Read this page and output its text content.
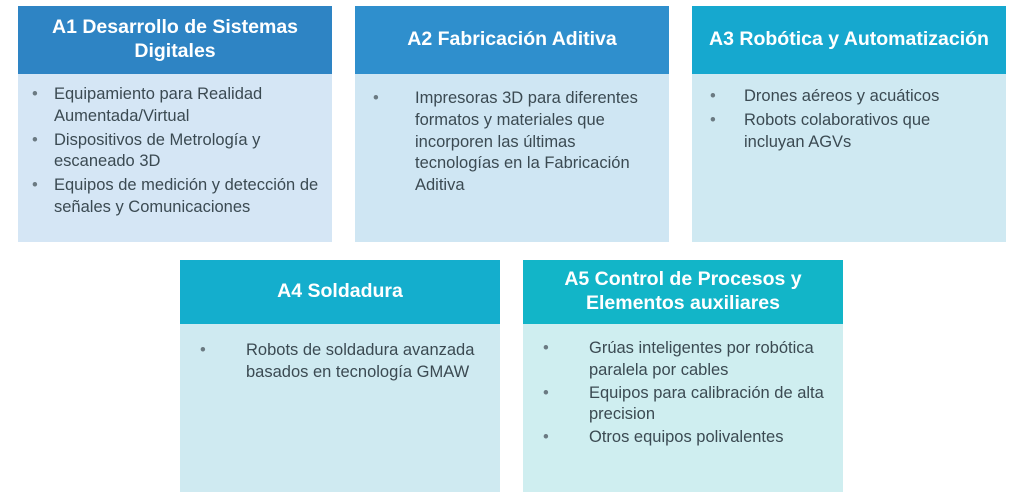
A1 Desarrollo de Sistemas Digitales
• Equipamiento para Realidad Aumentada/Virtual
• Dispositivos de Metrología y escaneado 3D
• Equipos de medición y detección de señales y Comunicaciones
A2 Fabricación Aditiva
•	Impresoras 3D para diferentes formatos y materiales que incorporen las últimas tecnologías en la Fabricación Aditiva
A3 Robótica y Automatización
•	Drones aéreos y acuáticos
•	Robots colaborativos que incluyan AGVs
A4 Soldadura
•	Robots de soldadura avanzada basados en tecnología GMAW
A5 Control de Procesos y Elementos auxiliares
•	Grúas inteligentes por robótica paralela por cables
•	Equipos para calibración de alta precision
•	Otros equipos polivalentes
